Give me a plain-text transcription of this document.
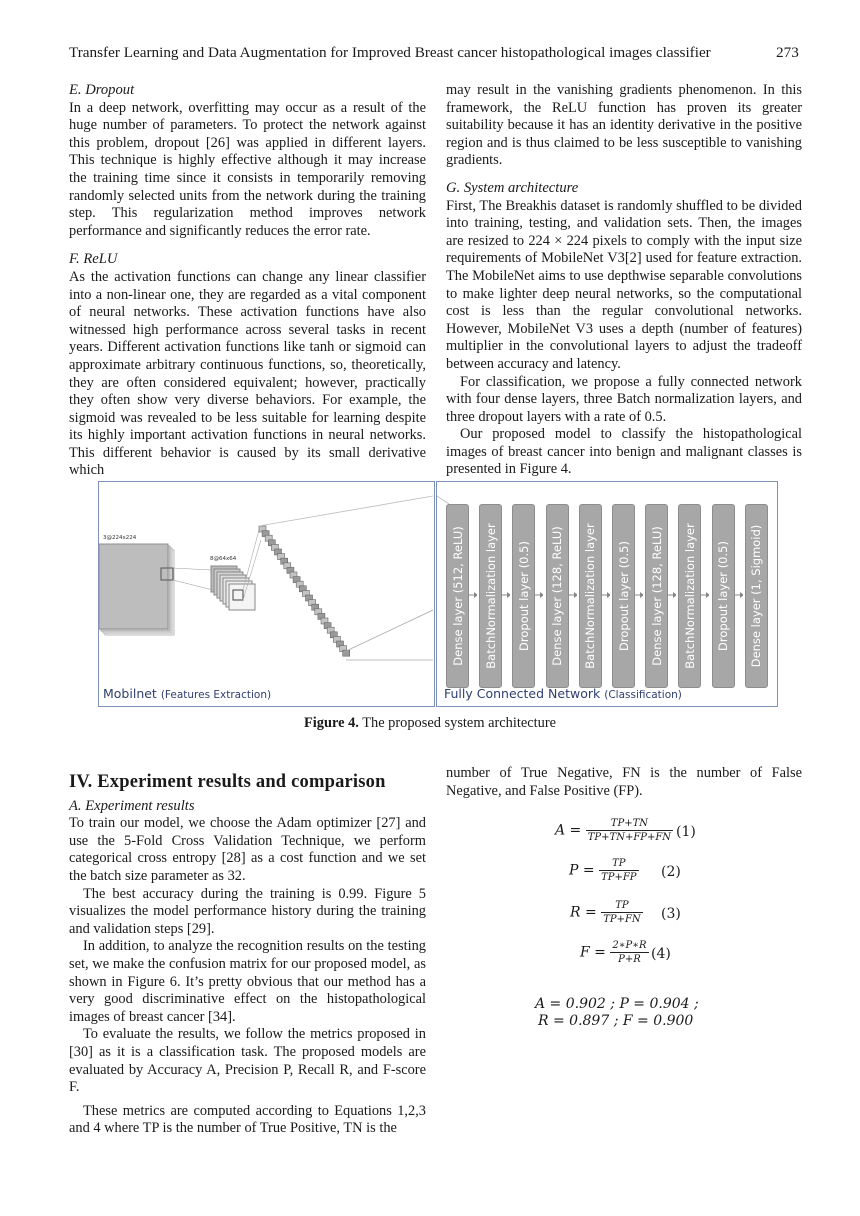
Transfer Learning and Data Augmentation for Improved Breast cancer histopathological images classifier	273

E. Dropout

In a deep network, overfitting may occur as a result of the huge number of parameters. To protect the network against this problem, dropout [26] was applied in different layers. This technique is highly effective although it may increase the training time since it consists in temporarily removing randomly selected units from the network during the training step. This regularization method improves network performance and significantly reduces the error rate.

F. ReLU

As the activation functions can change any linear classifier into a non-linear one, they are regarded as a vital component of neural networks. These activation functions have also witnessed high performance across several tasks in recent years. Different activation functions like tanh or sigmoid can approximate arbitrary continuous functions, so, theoretically, they are often considered equivalent; however, practically they often show very diverse behaviors. For example, the sigmoid was revealed to be less suitable for learning despite its highly important activation functions in neural networks. This different behavior is caused by its small derivative which

may result in the vanishing gradients phenomenon. In this framework, the ReLU function has proven its greater suitability because it has an identity derivative in the positive region and is thus claimed to be less susceptible to vanishing gradients.

G. System architecture

First, The Breakhis dataset is randomly shuffled to be divided into training, testing, and validation sets. Then, the images are resized to 224 × 224 pixels to comply with the input size requirements of MobileNet V3[2] used for feature extraction. The MobileNet aims to use depthwise separable convolutions to make lighter deep neural networks, so the computational cost is less than the regular convolutional networks. However, MobileNet V3 uses a depth (number of features) multiplier in the convolutional layers to adjust the tradeoff between accuracy and latency.

For classification, we propose a fully connected network with four dense layers, three Batch normalization layers, and three dropout layers with a rate of 0.5.

Our proposed model to classify the histopathological images of breast cancer into benign and malignant classes is presented in Figure 4.

3@224x224
8@64x64	Dense layer (512, ReLU) BatchNormalization layer Dropout layer (0.5) Dense layer (128, ReLU) BatchNormalization layer Dropout layer (0.5) Dense layer (128, ReLU) BatchNormalization layer Dropout layer (0.5) Dense layer (1, Sigmoid)
Mobilnet (Features Extraction)	Fully Connected Network (Classification)
Figure 4. The proposed system architecture

IV. Experiment results and comparison

A. Experiment results

To train our model, we choose the Adam optimizer [27] and use the 5-Fold Cross Validation Technique, we perform categorical cross entropy [28] as a cost function and we set the batch size parameter as 32.

The best accuracy during the training is 0.99. Figure 5 visualizes the model performance history during the training and validation steps [29].

In addition, to analyze the recognition results on the testing set, we make the confusion matrix for our proposed model, as shown in Figure 6. It’s pretty obvious that our method has a very good discriminative effect on the histopathological images of breast cancer [34].

To evaluate the results, we follow the metrics proposed in [30] as it is a classification task. The proposed models are evaluated by Accuracy A, Precision P, Recall R, and F-score F.

These metrics are computed according to Equations 1,2,3 and 4 where TP is the number of True Positive, TN is the

number of True Negative, FN is the number of False Negative, and False Positive (FP).

$A = \frac{TP+TN}{TP+TN+FP+FN} (1)$
$P = \frac{TP}{TP+FP} (2)$
$R = \frac{TP}{TP+FN} (3)$
$F = \frac{2∗P∗R}{P+R} (4)$
A = 0.902 ; P = 0.904 ;
R = 0.897 ; F = 0.900
